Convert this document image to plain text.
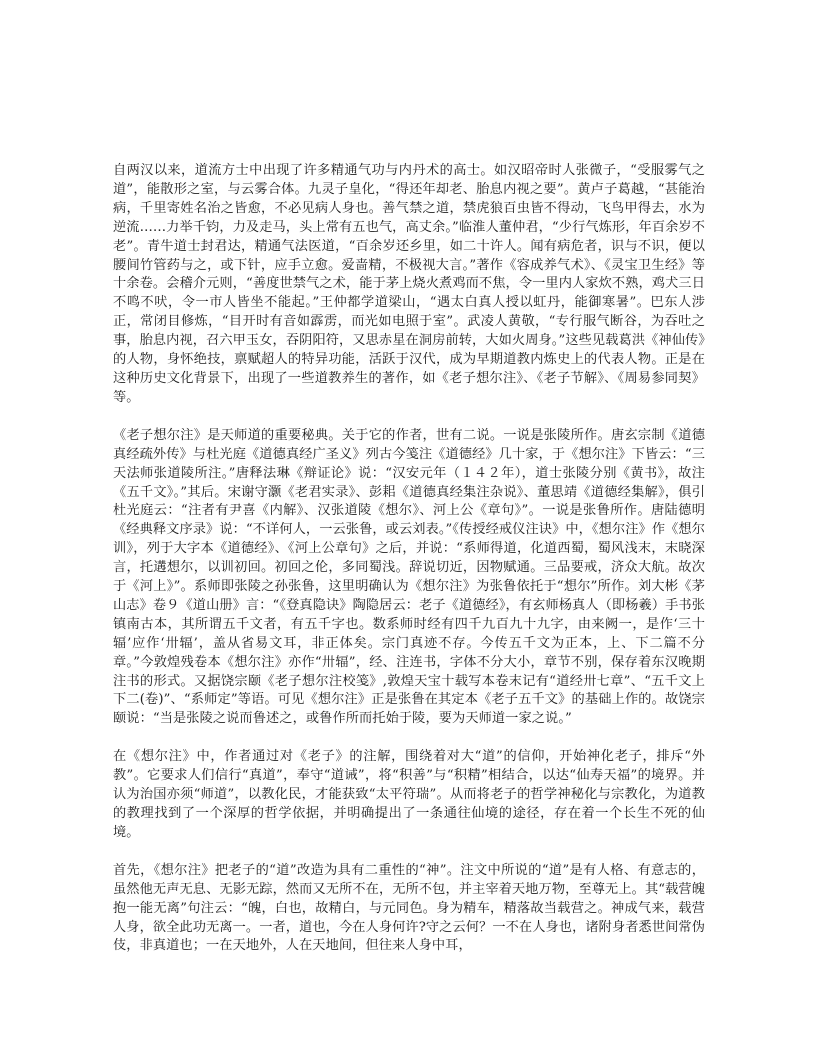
自两汉以来，道流方士中出现了许多精通气功与内丹术的高士。如汉昭帝时人张微子，“受服雾气之道”，能散形之室，与云雾合体。九灵子皇化，“得还年却老、胎息内视之要”。黄卢子葛越，“甚能治病，千里寄姓名治之皆愈，不必见病人身也。善气禁之道，禁虎狼百虫皆不得动，飞鸟甲得去，水为逆流……力举千钧，力及走马，头上常有五也气，高丈余。”临淮人董仲君，“少行气炼形，年百余岁不老”。青牛道士封君达，精通气法医道，“百余岁还乡里，如二十许人。闻有病危者，识与不识，便以腰间竹管药与之，或下针，应手立愈。爱啬精，不极视大言。”著作《容成养气术》、《灵宝卫生经》等十余卷。会稽介元则，“善度世禁气之术，能于茅上烧火煮鸡而不焦，令一里内人家炊不熟，鸡犬三日不鸣不吠，令一市人皆坐不能起。”王仲都学道梁山，“遇太白真人授以虹丹，能御寒暑”。巴东人涉正，常闭目修炼，“目开时有音如霹雳，而光如电照于室”。武凌人黄敬，“专行服气断谷，为吞吐之事，胎息内视，召六甲玉女，吞阴阳符，又思赤星在洞房前转，大如火周身。”这些见载葛洪《神仙传》的人物，身怀绝技，禀赋超人的特异功能，活跃于汉代，成为早期道教内炼史上的代表人物。正是在这种历史文化背景下，出现了一些道教养生的著作，如《老子想尔注》、《老子节解》、《周易参同契》等。

《老子想尔注》是天师道的重要秘典。关于它的作者，世有二说。一说是张陵所作。唐玄宗制《道德真经疏外传》与杜光庭《道德真经广圣义》列古今笺注《道德经》几十家，于《想尔注》下皆云：“三天法师张道陵所注。”唐释法琳《辩证论》说：“汉安元年（１４２年），道士张陵分别《黄书》，故注《五千文》。”其后。宋谢守灏《老君实录》、彭耜《道德真经集注杂说》、董思靖《道德经集解》，俱引杜光庭云：“注者有尹喜《内解》、汉张道陵《想尔》、河上公《章句》”。一说是张鲁所作。唐陆德明《经典释文序录》说：“不详何人，一云张鲁，或云刘表。”《传授经戒仪注诀》中，《想尔注》作《想尔训》，列于大字本《道德经》、《河上公章句》之后，并说：“系师得道，化道西蜀，蜀风浅末，末晓深言，托遘想尔，以训初回。初回之伦，多同蜀浅。辞说切近，因物赋通。三品要戒，济众大航。故次于《河上》”。系师即张陵之孙张鲁，这里明确认为《想尔注》为张鲁依托于“想尔”所作。刘大彬《茅山志》卷９《道山册》言：“《登真隐诀》陶隐居云：老子《道德经》，有玄师杨真人（即杨羲）手书张镇南古本，其所谓五千文者，有五千字也。数系师时经有四千九百九十九字，由来阙一，是作‘三十辐’应作‘卅辐’，盖从省易文耳，非正体矣。宗门真迹不存。今传五千文为正本，上、下二篇不分章。”今敦煌残卷本《想尔注》亦作“卅辐”，经、注连书，字体不分大小，章节不别，保存着东汉晚期注书的形式。又据饶宗颐《老子想尔注校笺》,敦煌天宝十载写本卷末记有“道经卅七章”、“五千文上下二(卷)”、“系师定”等语。可见《想尔注》正是张鲁在其定本《老子五千文》的基础上作的。故饶宗颐说：“当是张陵之说而鲁述之，或鲁作所而托始于陵，要为天师道一家之说。”

在《想尔注》中，作者通过对《老子》的注解，围绕着对大“道”的信仰，开始神化老子，排斥“外教”。它要求人们信行“真道”，奉守“道诫”，将“积善”与“积精”相结合，以达“仙寿天福”的境界。并认为治国亦须“师道”，以教化民，才能获致“太平符瑞”。从而将老子的哲学神秘化与宗教化，为道教的教理找到了一个深厚的哲学依据，并明确提出了一条通往仙境的途径，存在着一个长生不死的仙境。

首先，《想尔注》把老子的“道”改造为具有二重性的“神”。注文中所说的“道”是有人格、有意志的，虽然他无声无息、无影无踪，然而又无所不在，无所不包，并主宰着天地万物，至尊无上。其“载营魄抱一能无离”句注云：“魄，白也，故精白，与元同色。身为精车，精落故当载营之。神成气来，载营人身，欲全此功无离一。一者，道也，今在人身何许?守之云何？一不在人身也，诸附身者悉世间常伪伎，非真道也；一在天地外，人在天地间，但往来人身中耳，
